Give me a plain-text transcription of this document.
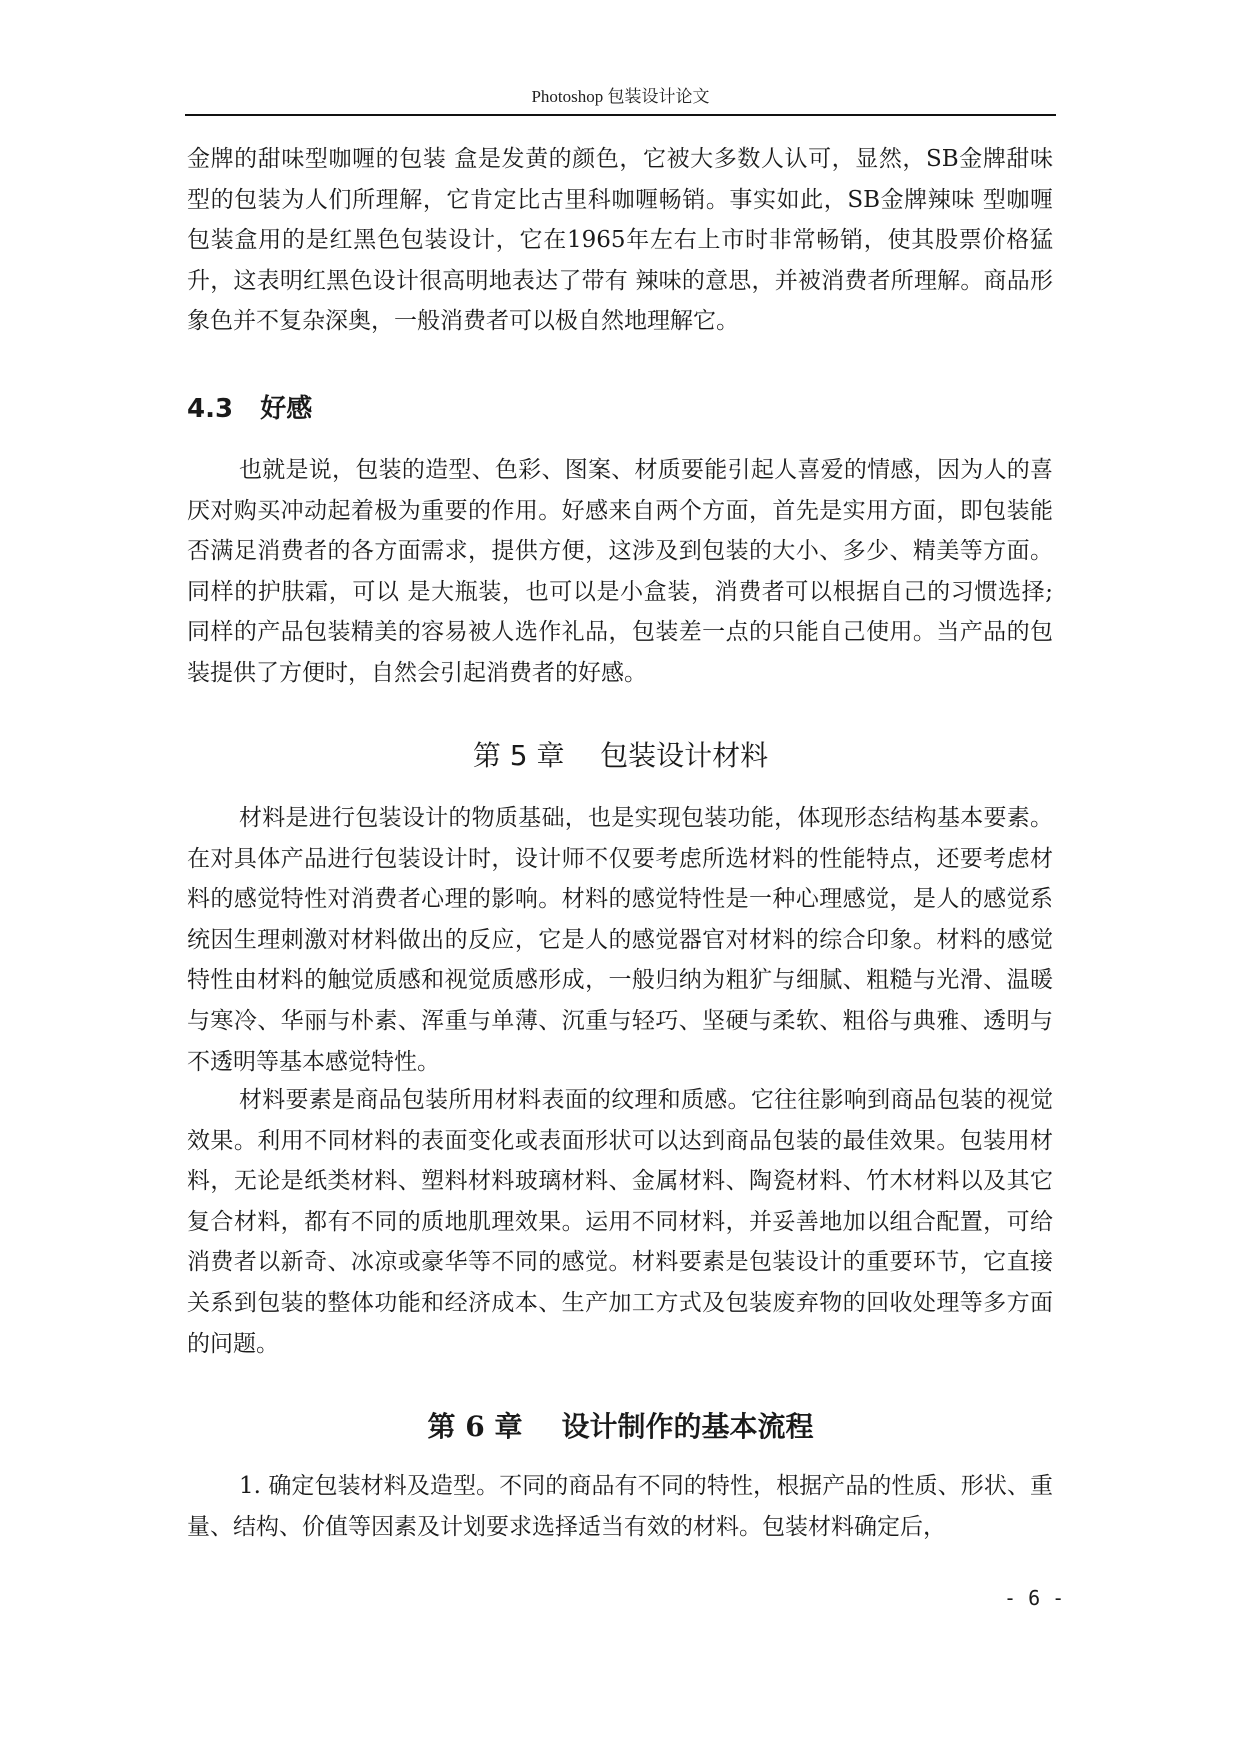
Photoshop 包装设计论文

金牌的甜味型咖喱的包装 盒是发黄的颜色，它被大多数人认可，显然，SB金牌甜味型的包装为人们所理解，它肯定比古里科咖喱畅销。事实如此，SB金牌辣味 型咖喱包装盒用的是红黑色包装设计，它在1965年左右上市时非常畅销，使其股票价格猛升，这表明红黑色设计很高明地表达了带有 辣味的意思，并被消费者所理解。商品形象色并不复杂深奥，一般消费者可以极自然地理解它。

4.3   好感

也就是说，包装的造型、色彩、图案、材质要能引起人喜爱的情感，因为人的喜厌对购买冲动起着极为重要的作用。好感来自两个方面，首先是实用方面，即包装能否满足消费者的各方面需求，提供方便，这涉及到包装的大小、多少、精美等方面。同样的护肤霜，可以 是大瓶装，也可以是小盒装，消费者可以根据自己的习惯选择;同样的产品包装精美的容易被人选作礼品，包装差一点的只能自己使用。当产品的包装提供了方便时，自然会引起消费者的好感。

第 5 章    包装设计材料

材料是进行包装设计的物质基础，也是实现包装功能，体现形态结构基本要素。在对具体产品进行包装设计时，设计师不仅要考虑所选材料的性能特点，还要考虑材料的感觉特性对消费者心理的影响。材料的感觉特性是一种心理感觉，是人的感觉系统因生理刺激对材料做出的反应，它是人的感觉器官对材料的综合印象。材料的感觉特性由材料的触觉质感和视觉质感形成，一般归纳为粗犷与细腻、粗糙与光滑、温暖与寒冷、华丽与朴素、浑重与单薄、沉重与轻巧、坚硬与柔软、粗俗与典雅、透明与不透明等基本感觉特性。

材料要素是商品包装所用材料表面的纹理和质感。它往往影响到商品包装的视觉效果。利用不同材料的表面变化或表面形状可以达到商品包装的最佳效果。包装用材料，无论是纸类材料、塑料材料玻璃材料、金属材料、陶瓷材料、竹木材料以及其它复合材料，都有不同的质地肌理效果。运用不同材料，并妥善地加以组合配置，可给消费者以新奇、冰凉或豪华等不同的感觉。材料要素是包装设计的重要环节，它直接关系到包装的整体功能和经济成本、生产加工方式及包装废弃物的回收处理等多方面的问题。

第 6 章    设计制作的基本流程

1. 确定包装材料及造型。不同的商品有不同的特性，根据产品的性质、形状、重量、结构、价值等因素及计划要求选择适当有效的材料。包装材料确定后，

- 6 -
